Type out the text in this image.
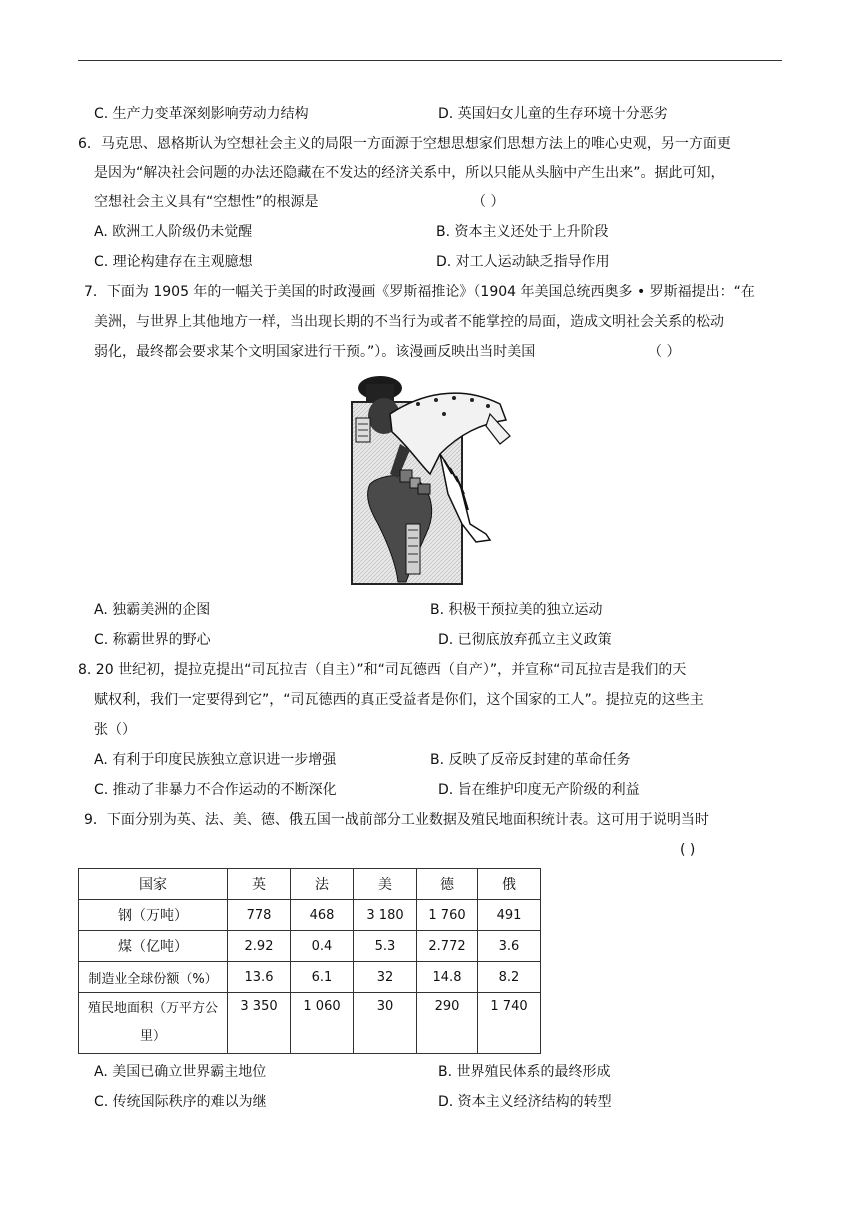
C. 生产力变革深刻影响劳动力结构	D. 英国妇女儿童的生存环境十分恶劣
6．马克思、恩格斯认为空想社会主义的局限一方面源于空想思想家们思想方法上的唯心史观，另一方面更
是因为“解决社会问题的办法还隐藏在不发达的经济关系中，所以只能从头脑中产生出来”。据此可知，
空想社会主义具有“空想性”的根源是	（ ）
A. 欧洲工人阶级仍未觉醒	B. 资本主义还处于上升阶段
C. 理论构建存在主观臆想	D. 对工人运动缺乏指导作用
7．下面为 1905 年的一幅关于美国的时政漫画《罗斯福推论》（1904 年美国总统西奥多 • 罗斯福提出：“在
美洲，与世界上其他地方一样，当出现长期的不当行为或者不能掌控的局面，造成文明社会关系的松动
弱化，最终都会要求某个文明国家进行干预。”）。该漫画反映出当时美国	（ ）
A. 独霸美洲的企图	B. 积极干预拉美的独立运动
C. 称霸世界的野心	D. 已彻底放弃孤立主义政策
8. 20 世纪初，提拉克提出“司瓦拉吉（自主）”和“司瓦德西（自产）”，并宣称“司瓦拉吉是我们的天
赋权利，我们一定要得到它”，“司瓦德西的真正受益者是你们，这个国家的工人”。提拉克的这些主
张（）
A. 有利于印度民族独立意识进一步增强	B. 反映了反帝反封建的革命任务
C. 推动了非暴力不合作运动的不断深化	D. 旨在维护印度无产阶级的利益
9．下面分别为英、法、美、德、俄五国一战前部分工业数据及殖民地面积统计表。这可用于说明当时
( )
国家	英	法	美	德	俄
钢（万吨）	778	468	3 180	1 760	491
煤（亿吨）	2.92	0.4	5.3	2.772	3.6
制造业全球份额（%）	13.6	6.1	32	14.8	8.2

殖民地面积（万平方公
里）	3 350	1 060	30	290	1 740
A. 美国已确立世界霸主地位	B. 世界殖民体系的最终形成
C. 传统国际秩序的难以为继	D. 资本主义经济结构的转型
